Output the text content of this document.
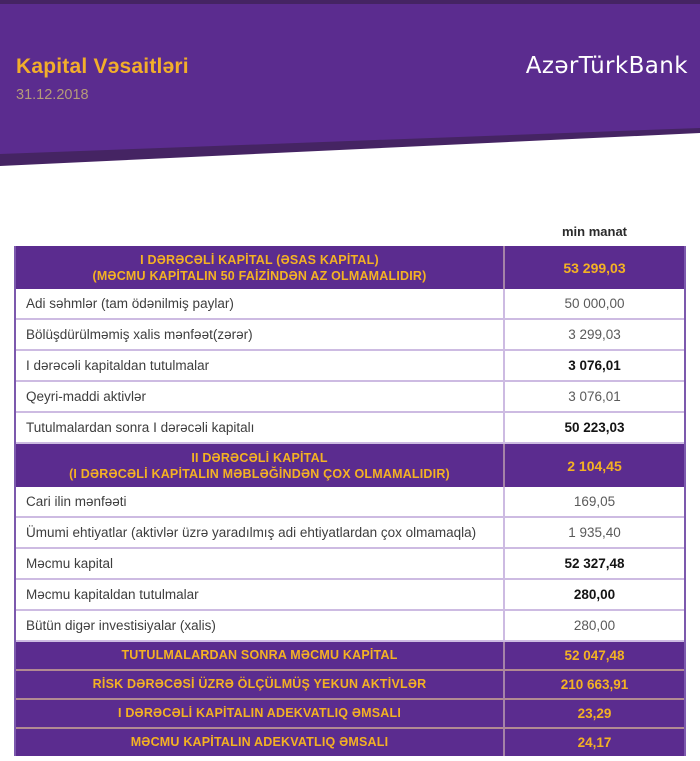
Kapital Vəsaitləri
31.12.2018
AzərTürkBank
min manat
I DƏRƏCƏLİ KAPİTAL (ƏSAS KAPİTAL)
(MƏCMU KAPİTALIN 50 FAİZİNDƏN AZ OLMAMALIDIR)	53 299,03
Adi səhmlər (tam ödənilmiş paylar)	50 000,00
Bölüşdürülməmiş xalis mənfəət(zərər)	3 299,03
I dərəcəli kapitaldan tutulmalar	3 076,01
Qeyri-maddi aktivlər	3 076,01
Tutulmalardan sonra I dərəcəli kapitalı	50 223,03
II DƏRƏCƏLİ KAPİTAL
(I DƏRƏCƏLİ KAPİTALIN MƏBLƏĞİNDƏN ÇOX OLMAMALIDIR)	2 104,45
Cari ilin mənfəəti	169,05
Ümumi ehtiyatlar (aktivlər üzrə yaradılmış adi ehtiyatlardan çox olmamaqla)	1 935,40
Məcmu kapital	52 327,48
Məcmu kapitaldan tutulmalar	280,00
Bütün digər investisiyalar (xalis)	280,00
TUTULMALARDAN SONRA MƏCMU KAPİTAL	52 047,48
RİSK DƏRƏCƏSİ ÜZRƏ ÖLÇÜLMÜŞ YEKUN AKTİVLƏR	210 663,91
I DƏRƏCƏLİ KAPİTALIN ADEKVATLIQ ƏMSALI	23,29
MƏCMU KAPİTALIN ADEKVATLIQ ƏMSALI	24,17
